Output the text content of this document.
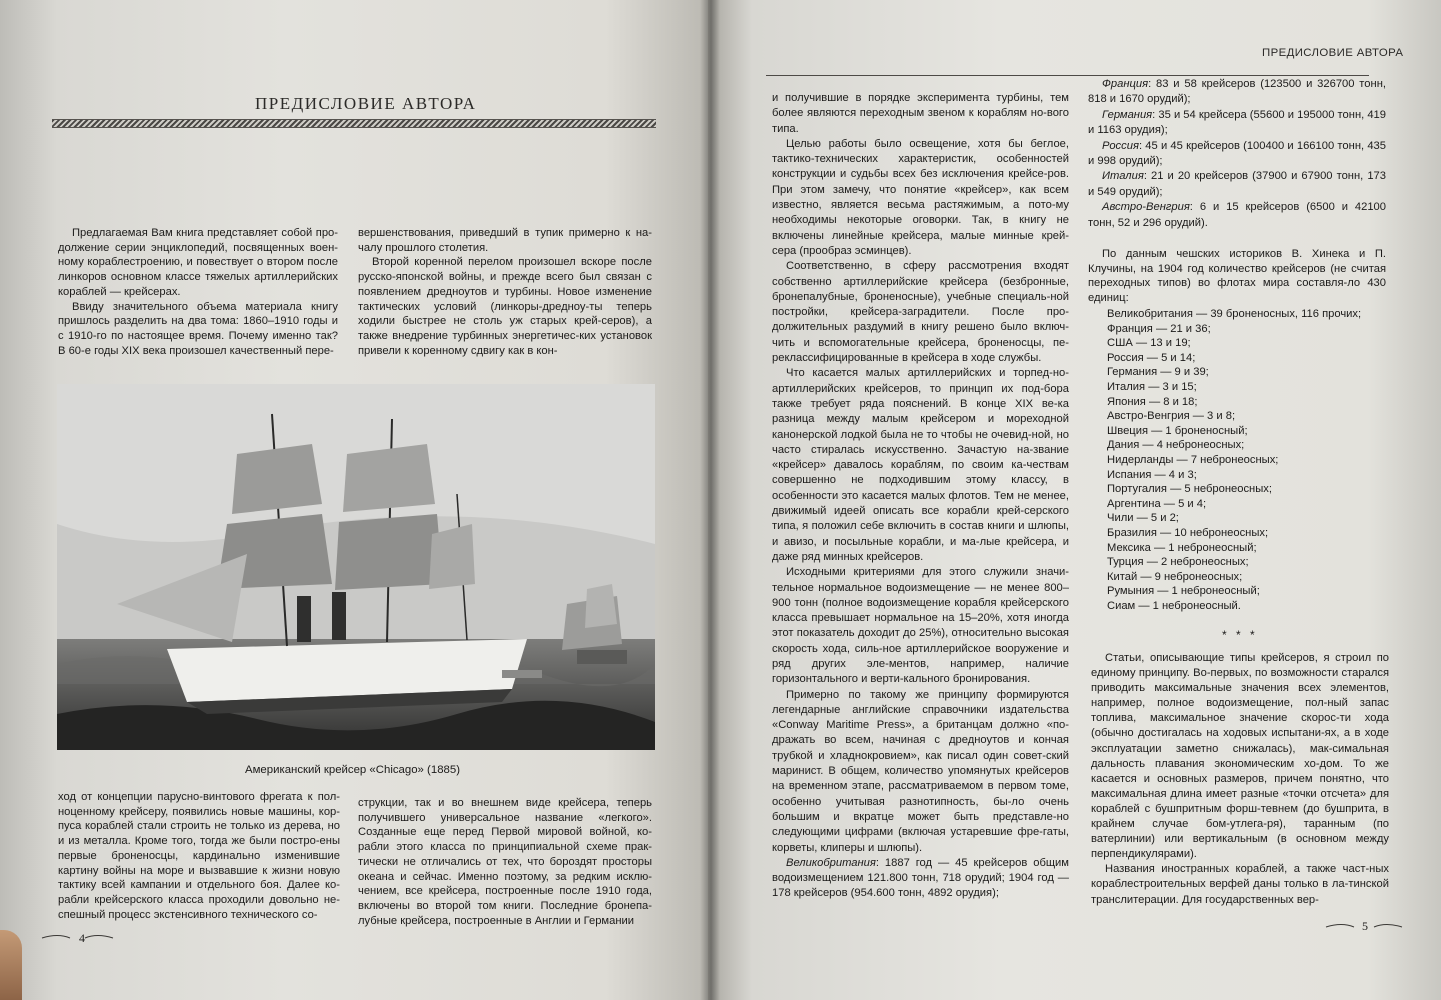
ПРЕДИСЛОВИЕ АВТОРА

Предлагаемая Вам книга представляет собой про-должение серии энциклопедий, посвященных воен-ному кораблестроению, и повествует о втором после линкоров основном классе тяжелых артиллерийских кораблей — крейсерах.

Ввиду значительного объема материала книгу пришлось разделить на два тома: 1860–1910 годы и с 1910-го по настоящее время. Почему именно так? В 60-е годы XIX века произошел качественный пере-

вершенствования, приведший в тупик примерно к на-чалу прошлого столетия.

Второй коренной перелом произошел вскоре после русско-японской войны, и прежде всего был связан с появлением дредноутов и турбины. Новое изменение тактических условий (линкоры-дредноу-ты теперь ходили быстрее не столь уж старых крей-серов), а также внедрение турбинных энергетичес-ких установок привели к коренному сдвигу как в кон-

Американский крейсер «Chicago» (1885)

ход от концепции парусно-винтового фрегата к пол-ноценному крейсеру, появились новые машины, кор-пуса кораблей стали строить не только из дерева, но и из металла. Кроме того, тогда же были постро-ены первые броненосцы, кардинально изменившие картину войны на море и вызвавшие к жизни новую тактику всей кампании и отдельного боя. Далее ко-рабли крейсерского класса проходили довольно не-спешный процесс экстенсивного технического со-

струкции, так и во внешнем виде крейсера, теперь получившего универсальное название «легкого». Созданные еще перед Первой мировой войной, ко-рабли этого класса по принципиальной схеме прак-тически не отличались от тех, что бороздят просторы океана и сейчас. Именно поэтому, за редким исклю-чением, все крейсера, построенные после 1910 года, включены во второй том книги. Последние бронепа-лубные крейсера, построенные в Англии и Германии

4
ПРЕДИСЛОВИЕ АВТОРА

и получившие в порядке эксперимента турбины, тем более являются переходным звеном к кораблям но-вого типа.

Целью работы было освещение, хотя бы беглое, тактико-технических характеристик, особенностей конструкции и судьбы всех без исключения крейсе-ров. При этом замечу, что понятие «крейсер», как всем известно, является весьма растяжимым, а пото-му необходимы некоторые оговорки. Так, в книгу не включены линейные крейсера, малые минные крей-сера (прообраз эсминцев).

Соответственно, в сферу рассмотрения входят собственно артиллерийские крейсера (безбронные, бронепалубные, броненосные), учебные специаль-ной постройки, крейсера-заградители. После про-должительных раздумий в книгу решено было включ-чить и вспомогательные крейсера, броненосцы, пе-реклассифицированные в крейсера в ходе службы.

Что касается малых артиллерийских и торпед-но-артиллерийских крейсеров, то принцип их под-бора также требует ряда пояснений. В конце XIX ве-ка разница между малым крейсером и мореходной канонерской лодкой была не то чтобы не очевид-ной, но часто стиралась искусственно. Зачастую на-звание «крейсер» давалось кораблям, по своим ка-чествам совершенно не подходившим этому классу, в особенности это касается малых флотов. Тем не менее, движимый идеей описать все корабли крей-серского типа, я положил себе включить в состав книги и шлюпы, и авизо, и посыльные корабли, и ма-лые крейсера, и даже ряд минных крейсеров.

Исходными критериями для этого служили значи-тельное нормальное водоизмещение — не менее 800–900 тонн (полное водоизмещение корабля крейсерского класса превышает нормальное на 15–20%, хотя иногда этот показатель доходит до 25%), относительно высокая скорость хода, силь-ное артиллерийское вооружение и ряд других эле-ментов, например, наличие горизонтального и верти-кального бронирования.

Примерно по такому же принципу формируются легендарные английские справочники издательства «Conway Maritime Press», а британцам должно «по-дражать во всем, начиная с дредноутов и кончая трубкой и хладнокровием», как писал один совет-ский маринист. В общем, количество упомянутых крейсеров на временном этапе, рассматриваемом в первом томе, особенно учитывая разнотипность, бы-ло очень большим и вкратце может быть представле-но следующими цифрами (включая устаревшие фре-гаты, корветы, клиперы и шлюпы).

Великобритания: 1887 год — 45 крейсеров общим водоизмещением 121.800 тонн, 718 орудий; 1904 год — 178 крейсеров (954.600 тонн, 4892 орудия);

Франция: 83 и 58 крейсеров (123500 и 326700 тонн, 818 и 1670 орудий);
Германия: 35 и 54 крейсера (55600 и 195000 тонн, 419 и 1163 орудия);
Россия: 45 и 45 крейсеров (100400 и 166100 тонн, 435 и 998 орудий);
Италия: 21 и 20 крейсеров (37900 и 67900 тонн, 173 и 549 орудий);
Австро-Венгрия: 6 и 15 крейсеров (6500 и 42100 тонн, 52 и 296 орудий).

По данным чешских историков В. Хинека и П. Клучины, на 1904 год количество крейсеров (не считая переходных типов) во флотах мира составля-ло 430 единиц:

Великобритания — 39 броненосных, 116 прочих;
Франция — 21 и 36;
США — 13 и 19;
Россия — 5 и 14;
Германия — 9 и 39;
Италия — 3 и 15;
Япония — 8 и 18;
Австро-Венгрия — 3 и 8;
Швеция — 1 броненосный;
Дания — 4 небронеосных;
Нидерланды — 7 небронеосных;
Испания — 4 и 3;
Португалия — 5 небронеосных;
Аргентина — 5 и 4;
Чили — 5 и 2;
Бразилия — 10 небронеосных;
Мексика — 1 небронеосный;
Турция — 2 небронеосных;
Китай — 9 небронеосных;
Румыния — 1 небронеосный;
Сиам — 1 небронеосный.
* * *

Статьи, описывающие типы крейсеров, я строил по единому принципу. Во-первых, по возможности старался приводить максимальные значения всех элементов, например, полное водоизмещение, пол-ный запас топлива, максимальное значение скорос-ти хода (обычно достигалась на ходовых испытани-ях, а в ходе эксплуатации заметно снижалась), мак-симальная дальность плавания экономическим хо-дом. То же касается и основных размеров, причем понятно, что максимальная длина имеет разные «точки отсчета» для кораблей с бушпритным форш-тевнем (до бушприта, в крайнем случае бом-утлега-ря), таранным (по ватерлинии) или вертикальным (в основном между перпендикулярами).

Названия иностранных кораблей, а также част-ных кораблестроительных верфей даны только в ла-тинской транслитерации. Для государственных вер-

5
